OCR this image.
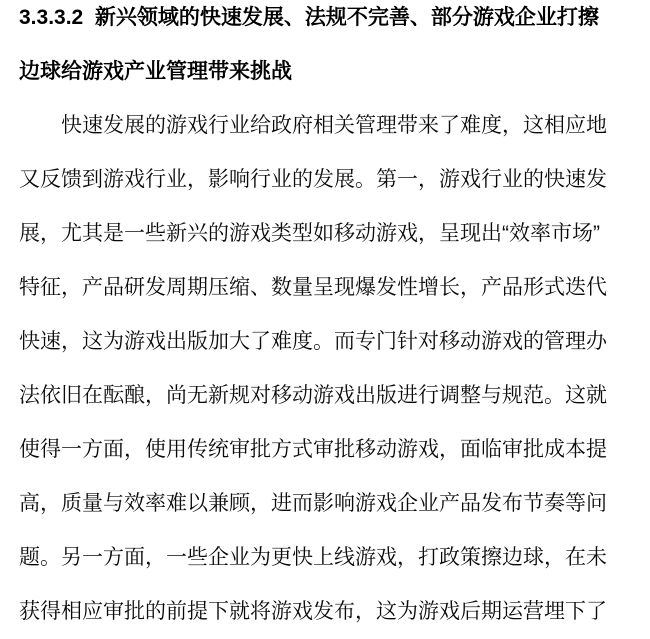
3.3.3.2  新兴领域的快速发展、法规不完善、部分游戏企业打擦
边球给游戏产业管理带来挑战
快速发展的游戏行业给政府相关管理带来了难度，这相应地
又反馈到游戏行业，影响行业的发展。第一，游戏行业的快速发
展，尤其是一些新兴的游戏类型如移动游戏，呈现出“效率市场”
特征，产品研发周期压缩、数量呈现爆发性增长，产品形式迭代
快速，这为游戏出版加大了难度。而专门针对移动游戏的管理办
法依旧在酝酿，尚无新规对移动游戏出版进行调整与规范。这就
使得一方面，使用传统审批方式审批移动游戏，面临审批成本提
高，质量与效率难以兼顾，进而影响游戏企业产品发布节奏等问
题。另一方面，一些企业为更快上线游戏，打政策擦边球，在未
获得相应审批的前提下就将游戏发布，这为游戏后期运营埋下了
